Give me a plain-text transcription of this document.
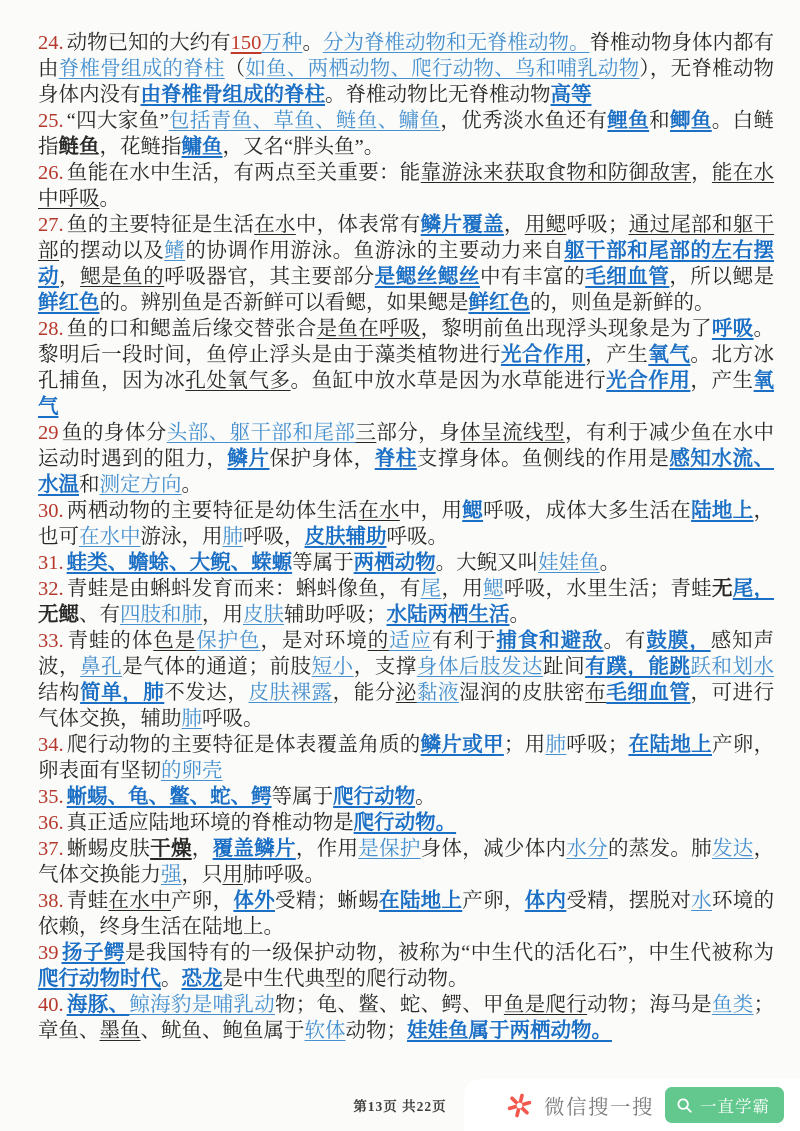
24. 动物已知的大约有150万种。分为脊椎动物和无脊椎动物。脊椎动物身体内都有由脊椎骨组成的脊柱（如鱼、两栖动物、爬行动物、鸟和哺乳动物），无脊椎动物身体内没有由脊椎骨组成的脊柱。脊椎动物比无脊椎动物高等

25. “四大家鱼”包括青鱼、草鱼、鲢鱼、鳙鱼，优秀淡水鱼还有鲤鱼和鲫鱼。白鲢指鲢鱼，花鲢指鳙鱼，又名“胖头鱼”。

26. 鱼能在水中生活，有两点至关重要：能靠游泳来获取食物和防御敌害，能在水中呼吸。

27. 鱼的主要特征是生活在水中，体表常有鳞片覆盖，用鳃呼吸；通过尾部和躯干部的摆动以及鳍的协调作用游泳。鱼游泳的主要动力来自躯干部和尾部的左右摆动，鳃是鱼的呼吸器官，其主要部分是鳃丝鳃丝中有丰富的毛细血管，所以鳃是鲜红色的。辨别鱼是否新鲜可以看鳃，如果鳃是鲜红色的，则鱼是新鲜的。

28. 鱼的口和鳃盖后缘交替张合是鱼在呼吸，黎明前鱼出现浮头现象是为了呼吸。黎明后一段时间，鱼停止浮头是由于藻类植物进行光合作用，产生氧气。北方冰孔捕鱼，因为冰孔处氧气多。鱼缸中放水草是因为水草能进行光合作用，产生氧气

29 鱼的身体分头部、躯干部和尾部三部分，身体呈流线型，有利于减少鱼在水中运动时遇到的阻力，鳞片保护身体，脊柱支撑身体。鱼侧线的作用是感知水流、水温和测定方向。

30. 两栖动物的主要特征是幼体生活在水中，用鳃呼吸，成体大多生活在陆地上，也可在水中游泳，用肺呼吸，皮肤辅助呼吸。

31. 蛙类、蟾蜍、大鲵、蝾螈等属于两栖动物。大鲵又叫娃娃鱼。

32. 青蛙是由蝌蚪发育而来：蝌蚪像鱼，有尾，用鳃呼吸，水里生活；青蛙无尾，无鳃、有四肢和肺，用皮肤辅助呼吸；水陆两栖生活。

33. 青蛙的体色是保护色，是对环境的适应有利于捕食和避敌。有鼓膜，感知声波，鼻孔是气体的通道；前肢短小，支撑身体后肢发达趾间有蹼，能跳跃和划水结构简单，肺不发达，皮肤裸露，能分泌黏液湿润的皮肤密布毛细血管，可进行气体交换，辅助肺呼吸。

34. 爬行动物的主要特征是体表覆盖角质的鳞片或甲；用肺呼吸；在陆地上产卵，卵表面有坚韧的卵壳

35. 蜥蜴、龟、鳖、蛇、鳄等属于爬行动物。

36. 真正适应陆地环境的脊椎动物是爬行动物。

37. 蜥蜴皮肤干燥，覆盖鳞片，作用是保护身体，减少体内水分的蒸发。肺发达，气体交换能力强，只用肺呼吸。

38. 青蛙在水中产卵，体外受精；蜥蜴在陆地上产卵，体内受精，摆脱对水环境的依赖，终身生活在陆地上。

39 扬子鳄是我国特有的一级保护动物，被称为“中生代的活化石”，中生代被称为爬行动物时代。恐龙是中生代典型的爬行动物。

40. 海豚、鲸海豹是哺乳动物；龟、鳖、蛇、鳄、甲鱼是爬行动物；海马是鱼类；章鱼、墨鱼、鱿鱼、鲍鱼属于软体动物；娃娃鱼属于两栖动物。

第13页 共22页	微信搜一搜	一直学霸
